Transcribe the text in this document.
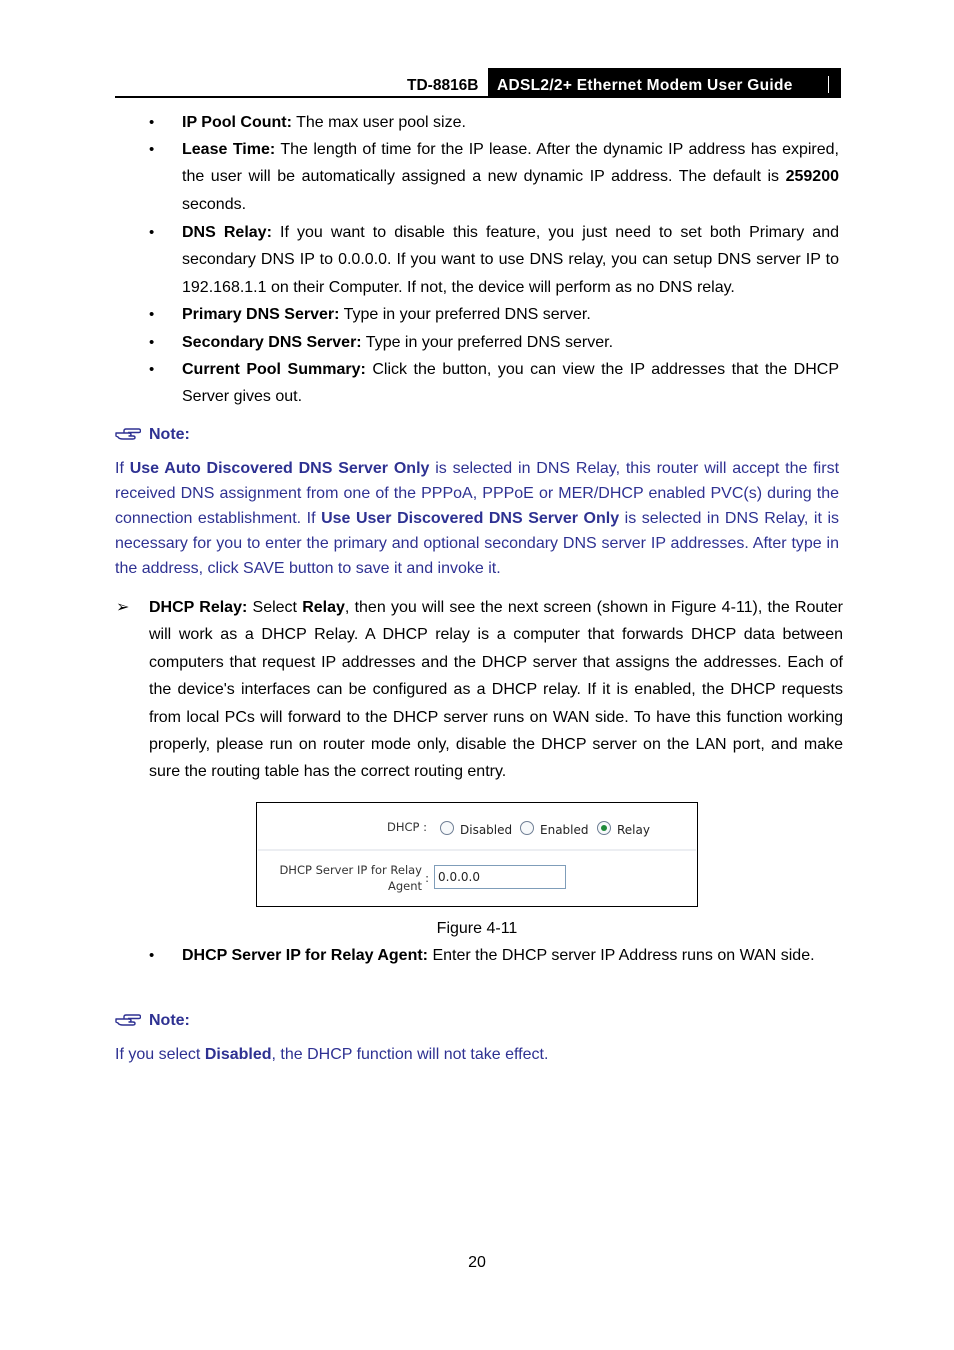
TD-8816B	ADSL2/2+ Ethernet Modem User Guide

• IP Pool Count: The max user pool size.

• Lease Time: The length of time for the IP lease. After the dynamic IP address has expired, the user will be automatically assigned a new dynamic IP address. The default is 259200 seconds.

• DNS Relay: If you want to disable this feature, you just need to set both Primary and secondary DNS IP to 0.0.0.0. If you want to use DNS relay, you can setup DNS server IP to 192.168.1.1 on their Computer. If not, the device will perform as no DNS relay.

• Primary DNS Server: Type in your preferred DNS server.

• Secondary DNS Server: Type in your preferred DNS server.

• Current Pool Summary: Click the button, you can view the IP addresses that the DHCP Server gives out.

Note:

If Use Auto Discovered DNS Server Only is selected in DNS Relay, this router will accept the first received DNS assignment from one of the PPPoA, PPPoE or MER/DHCP enabled PVC(s) during the connection establishment. If Use User Discovered DNS Server Only is selected in DNS Relay, it is necessary for you to enter the primary and optional secondary DNS server IP addresses. After type in the address, click SAVE button to save it and invoke it.

➢ DHCP Relay: Select Relay, then you will see the next screen (shown in Figure 4-11), the Router will work as a DHCP Relay. A DHCP relay is a computer that forwards DHCP data between computers that request IP addresses and the DHCP server that assigns the addresses. Each of the device's interfaces can be configured as a DHCP relay. If it is enabled, the DHCP requests from local PCs will forward to the DHCP server runs on WAN side. To have this function working properly, please run on router mode only, disable the DHCP server on the LAN port, and make sure the routing table has the correct routing entry.

DHCP :	Disabled Enabled Relay
DHCP Server IP for Relay
Agent
: 0.0.0.0
Figure 4-11

• DHCP Server IP for Relay Agent: Enter the DHCP server IP Address runs on WAN side.

Note:

If you select Disabled, the DHCP function will not take effect.

20
